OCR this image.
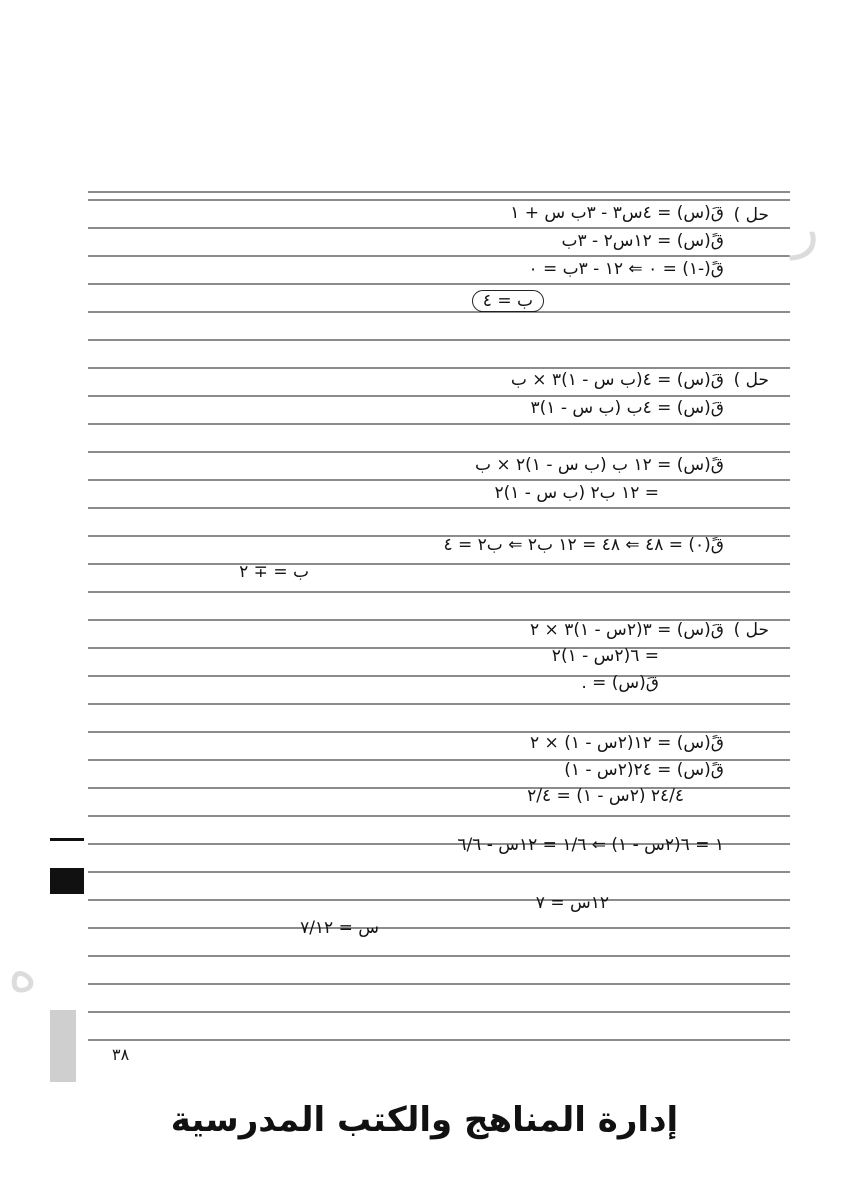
ر
ه
حل )
قَ(س) = ٤س٣ - ٣ب س + ١
قً(س) = ١٢س٢ - ٣ب
قً(-١) = ٠ ⇐ ١٢ - ٣ب = ٠
ب = ٤
حل )
قَ(س) = ٤(ب س - ١)٣ × ب
قَ(س) = ٤ب (ب س - ١)٣
قً(س) = ١٢ ب (ب س - ١)٢ × ب
= ١٢ ب٢ (ب س - ١)٢
قً(٠) = ٤٨ ⇐ ٤٨ = ١٢ ب٢ ⇐ ب٢ = ٤
ب = ∓ ٢
حل )
قَ(س) = ٣(٢س - ١)٣ × ٢
= ٦(٢س - ١)٢
قَ(س) = .
قً(س) = ١٢(٢س - ١) × ٢
قً(س) = ٢٤(٢س - ١)
٢٤/٤ (٢س - ١) = ٢/٤
١ = ٦(٢س - ١) ⇐ ١/٦ = ١٢س - ٦/٦
١٢س = ٧
س = ٧/١٢
٣٨
إدارة المناهج والكتب المدرسية
